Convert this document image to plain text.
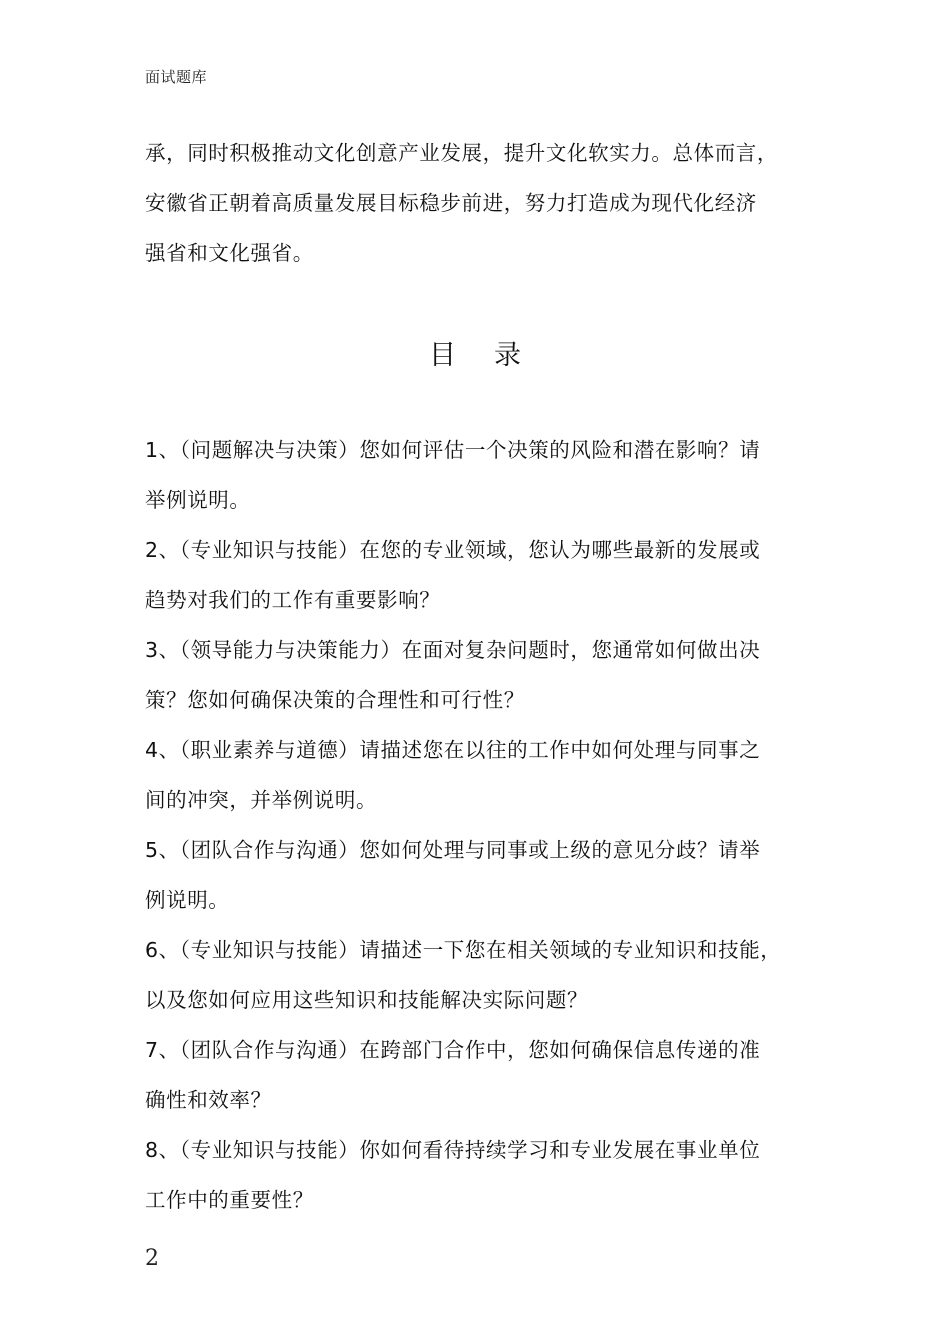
面试题库
承，同时积极推动文化创意产业发展，提升文化软实力。总体而言，
安徽省正朝着高质量发展目标稳步前进，努力打造成为现代化经济
强省和文化强省。
目录
1、（问题解决与决策）您如何评估一个决策的风险和潜在影响？请
举例说明。
2、（专业知识与技能）在您的专业领域，您认为哪些最新的发展或
趋势对我们的工作有重要影响？
3、（领导能力与决策能力）在面对复杂问题时，您通常如何做出决
策？您如何确保决策的合理性和可行性？
4、（职业素养与道德）请描述您在以往的工作中如何处理与同事之
间的冲突，并举例说明。
5、（团队合作与沟通）您如何处理与同事或上级的意见分歧？请举
例说明。
6、（专业知识与技能）请描述一下您在相关领域的专业知识和技能，
以及您如何应用这些知识和技能解决实际问题？
7、（团队合作与沟通）在跨部门合作中，您如何确保信息传递的准
确性和效率？
8、（专业知识与技能）你如何看待持续学习和专业发展在事业单位
工作中的重要性？
2
